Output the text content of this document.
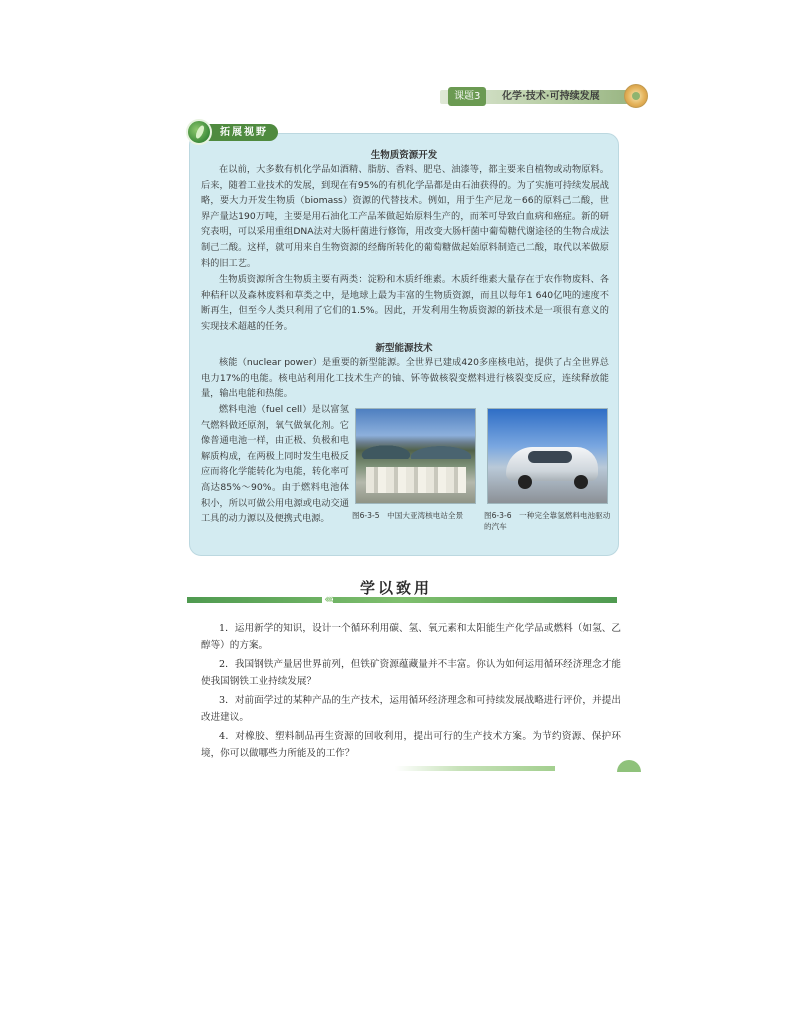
课题3	化学·技术·可持续发展
拓展视野
生物质资源开发

在以前，大多数有机化学品如酒精、脂肪、香料、肥皂、油漆等，都主要来自植物或动物原料。后来，随着工业技术的发展，到现在有95%的有机化学品都是由石油获得的。为了实施可持续发展战略，要大力开发生物质（biomass）资源的代替技术。例如，用于生产尼龙－66的原料己二酸，世界产量达190万吨，主要是用石油化工产品苯做起始原料生产的，而苯可导致白血病和癌症。新的研究表明，可以采用重组DNA法对大肠杆菌进行修饰，用改变大肠杆菌中葡萄糖代谢途径的生物合成法制己二酸。这样，就可用来自生物资源的经酶所转化的葡萄糖做起始原料制造己二酸，取代以苯做原料的旧工艺。

生物质资源所含生物质主要有两类：淀粉和木质纤维素。木质纤维素大量存在于农作物废料、各种秸秆以及森林废料和草类之中，是地球上最为丰富的生物质资源，而且以每年1 640亿吨的速度不断再生，但至今人类只利用了它们的1.5%。因此，开发利用生物质资源的新技术是一项很有意义的实现技术超越的任务。

新型能源技术

核能（nuclear power）是重要的新型能源。全世界已建成420多座核电站，提供了占全世界总电力17%的电能。核电站利用化工技术生产的铀、钚等做核裂变燃料进行核裂变反应，连续释放能量，输出电能和热能。

燃料电池（fuel cell）是以富氢气燃料做还原剂，氧气做氧化剂。它像普通电池一样，由正极、负极和电解质构成，在两极上同时发生电极反应而将化学能转化为电能，转化率可高达85%～90%。由于燃料电池体积小，所以可做公用电源或电动交通工具的动力源以及便携式电源。	图6-3-5　中国大亚湾核电站全景	图6-3-6　一种完全靠氢燃料电池驱动的汽车
‹‹‹‹
学以致用

1．运用新学的知识，设计一个循环利用碳、氢、氧元素和太阳能生产化学品或燃料（如氢、乙醇等）的方案。

2．我国钢铁产量居世界前列，但铁矿资源蕴藏量并不丰富。你认为如何运用循环经济理念才能使我国钢铁工业持续发展？

3．对前面学过的某种产品的生产技术，运用循环经济理念和可持续发展战略进行评价，并提出改进建议。

4．对橡胶、塑料制品再生资源的回收利用，提出可行的生产技术方案。为节约资源、保护环境，你可以做哪些力所能及的工作？
